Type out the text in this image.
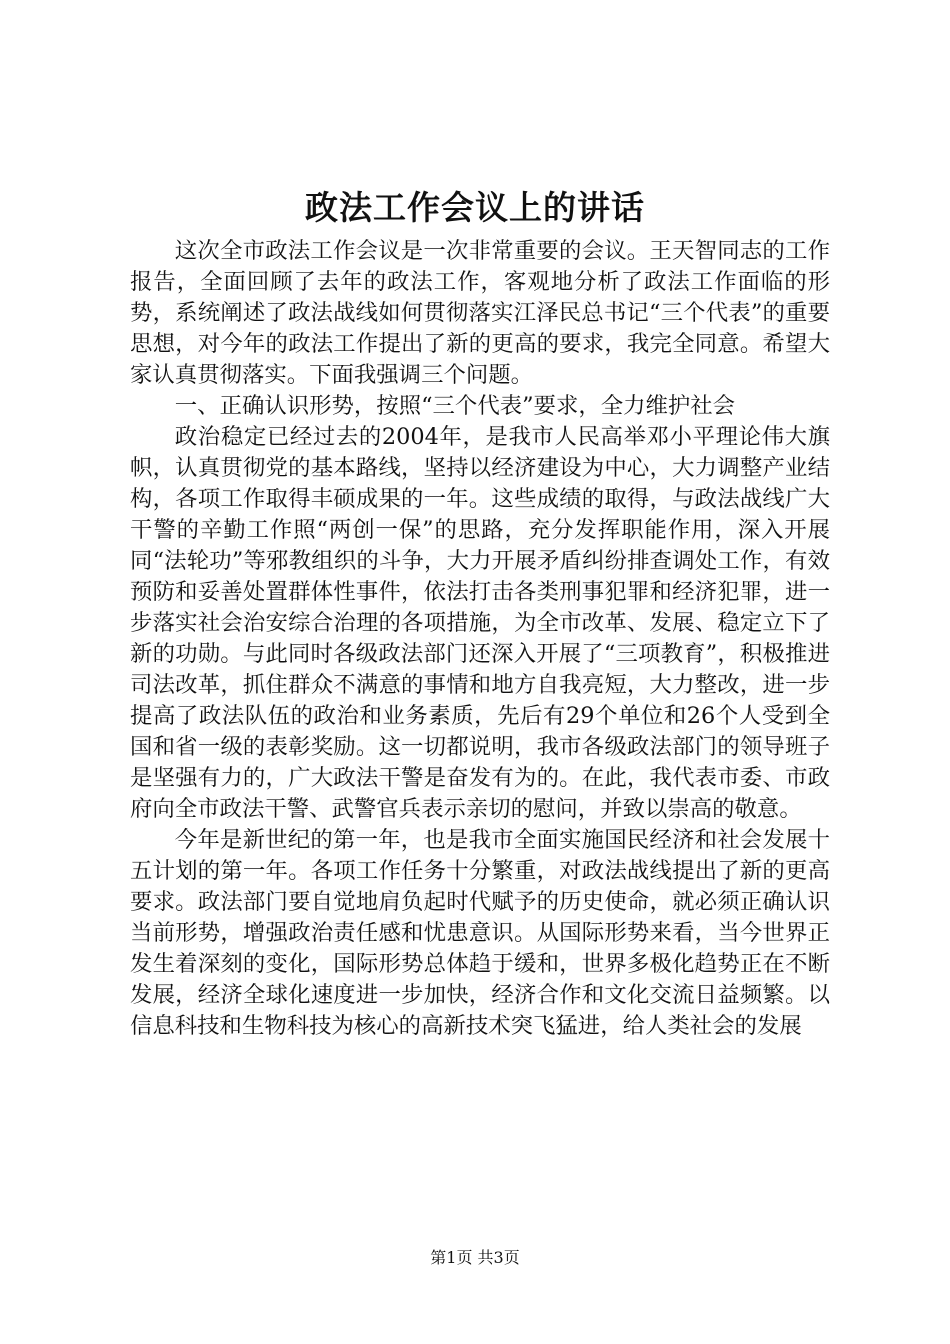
政法工作会议上的讲话

这次全市政法工作会议是一次非常重要的会议。王天智同志的工作报告，全面回顾了去年的政法工作，客观地分析了政法工作面临的形势，系统阐述了政法战线如何贯彻落实江泽民总书记“三个代表”的重要思想，对今年的政法工作提出了新的更高的要求，我完全同意。希望大家认真贯彻落实。下面我强调三个问题。

一、正确认识形势，按照“三个代表”要求，全力维护社会

政治稳定已经过去的2004年，是我市人民高举邓小平理论伟大旗帜，认真贯彻党的基本路线，坚持以经济建设为中心，大力调整产业结构，各项工作取得丰硕成果的一年。这些成绩的取得，与政法战线广大干警的辛勤工作照“两创一保”的思路，充分发挥职能作用，深入开展同“法轮功”等邪教组织的斗争，大力开展矛盾纠纷排查调处工作，有效预防和妥善处置群体性事件，依法打击各类刑事犯罪和经济犯罪，进一步落实社会治安综合治理的各项措施，为全市改革、发展、稳定立下了新的功勋。与此同时各级政法部门还深入开展了“三项教育”，积极推进司法改革，抓住群众不满意的事情和地方自我亮短，大力整改，进一步提高了政法队伍的政治和业务素质，先后有29个单位和26个人受到全国和省一级的表彰奖励。这一切都说明，我市各级政法部门的领导班子是坚强有力的，广大政法干警是奋发有为的。在此，我代表市委、市政府向全市政法干警、武警官兵表示亲切的慰问，并致以崇高的敬意。

今年是新世纪的第一年，也是我市全面实施国民经济和社会发展十五计划的第一年。各项工作任务十分繁重，对政法战线提出了新的更高要求。政法部门要自觉地肩负起时代赋予的历史使命，就必须正确认识当前形势，增强政治责任感和忧患意识。从国际形势来看，当今世界正发生着深刻的变化，国际形势总体趋于缓和，世界多极化趋势正在不断发展，经济全球化速度进一步加快，经济合作和文化交流日益频繁。以信息科技和生物科技为核心的高新技术突飞猛进，给人类社会的发展

第1页 共3页
